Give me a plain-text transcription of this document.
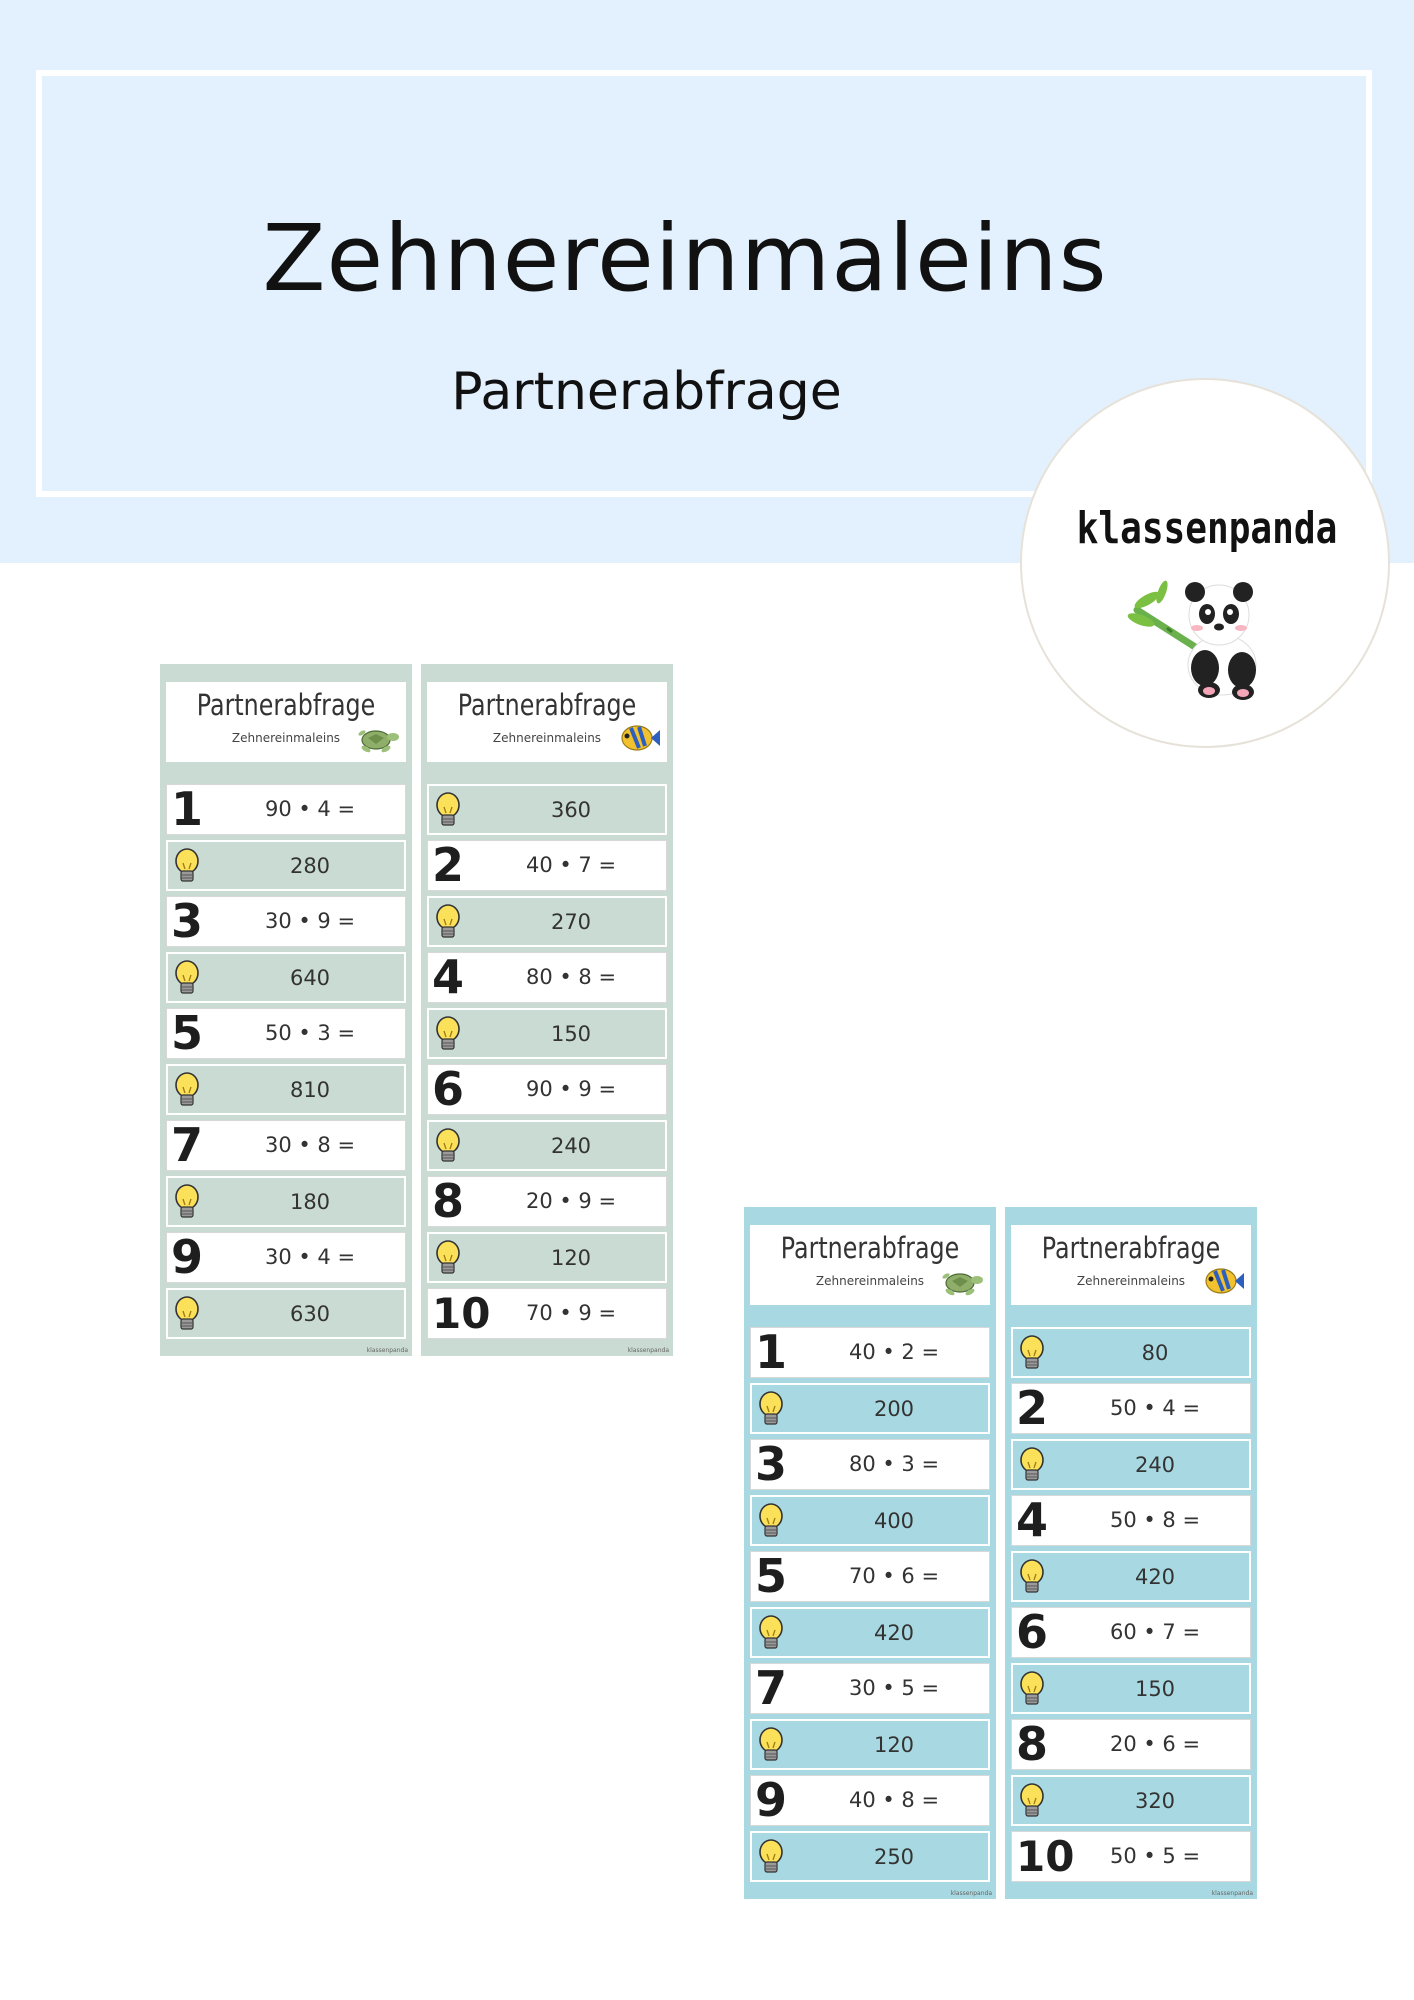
Zehnereinmaleins
Partnerabfrage
klassenpanda
Partnerabfrage
Zehnereinmaleins
1	90 • 4 =
280
3	30 • 9 =
640
5	50 • 3 =
810
7	30 • 8 =
180
9	30 • 4 =
630
klassenpanda
Partnerabfrage
Zehnereinmaleins
360
2	40 • 7 =
270
4	80 • 8 =
150
6	90 • 9 =
240
8	20 • 9 =
120
10	70 • 9 =
klassenpanda
Partnerabfrage
Zehnereinmaleins
1	40 • 2 =
200
3	80 • 3 =
400
5	70 • 6 =
420
7	30 • 5 =
120
9	40 • 8 =
250
klassenpanda
Partnerabfrage
Zehnereinmaleins
80
2	50 • 4 =
240
4	50 • 8 =
420
6	60 • 7 =
150
8	20 • 6 =
320
10	50 • 5 =
klassenpanda
